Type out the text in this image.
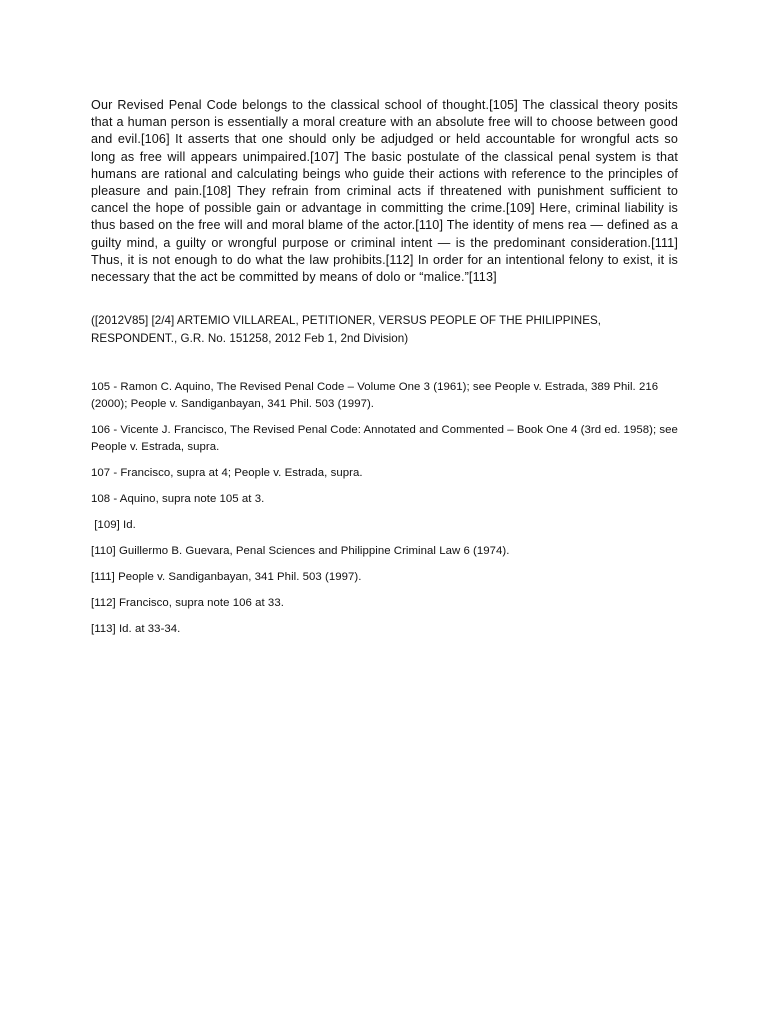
Our Revised Penal Code belongs to the classical school of thought.[105] The classical theory posits that a human person is essentially a moral creature with an absolute free will to choose between good and evil.[106] It asserts that one should only be adjudged or held accountable for wrongful acts so long as free will appears unimpaired.[107] The basic postulate of the classical penal system is that humans are rational and calculating beings who guide their actions with reference to the principles of pleasure and pain.[108] They refrain from criminal acts if threatened with punishment sufficient to cancel the hope of possible gain or advantage in committing the crime.[109] Here, criminal liability is thus based on the free will and moral blame of the actor.[110] The identity of mens rea — defined as a guilty mind, a guilty or wrongful purpose or criminal intent — is the predominant consideration.[111] Thus, it is not enough to do what the law prohibits.[112] In order for an intentional felony to exist, it is necessary that the act be committed by means of dolo or “malice.”[113]

([2012V85] [2/4] ARTEMIO VILLAREAL, PETITIONER, VERSUS PEOPLE OF THE PHILIPPINES, RESPONDENT., G.R. No. 151258, 2012 Feb 1, 2nd Division)

105 - Ramon C. Aquino, The Revised Penal Code – Volume One 3 (1961); see People v. Estrada, 389 Phil. 216 (2000); People v. Sandiganbayan, 341 Phil. 503 (1997).
106 - Vicente J. Francisco, The Revised Penal Code: Annotated and Commented – Book One 4 (3rd ed. 1958); see People v. Estrada, supra.
107 - Francisco, supra at 4; People v. Estrada, supra.
108 - Aquino, supra note 105 at 3.
[109] Id.
[110] Guillermo B. Guevara, Penal Sciences and Philippine Criminal Law 6 (1974).
[111] People v. Sandiganbayan, 341 Phil. 503 (1997).
[112] Francisco, supra note 106 at 33.
[113] Id. at 33-34.
